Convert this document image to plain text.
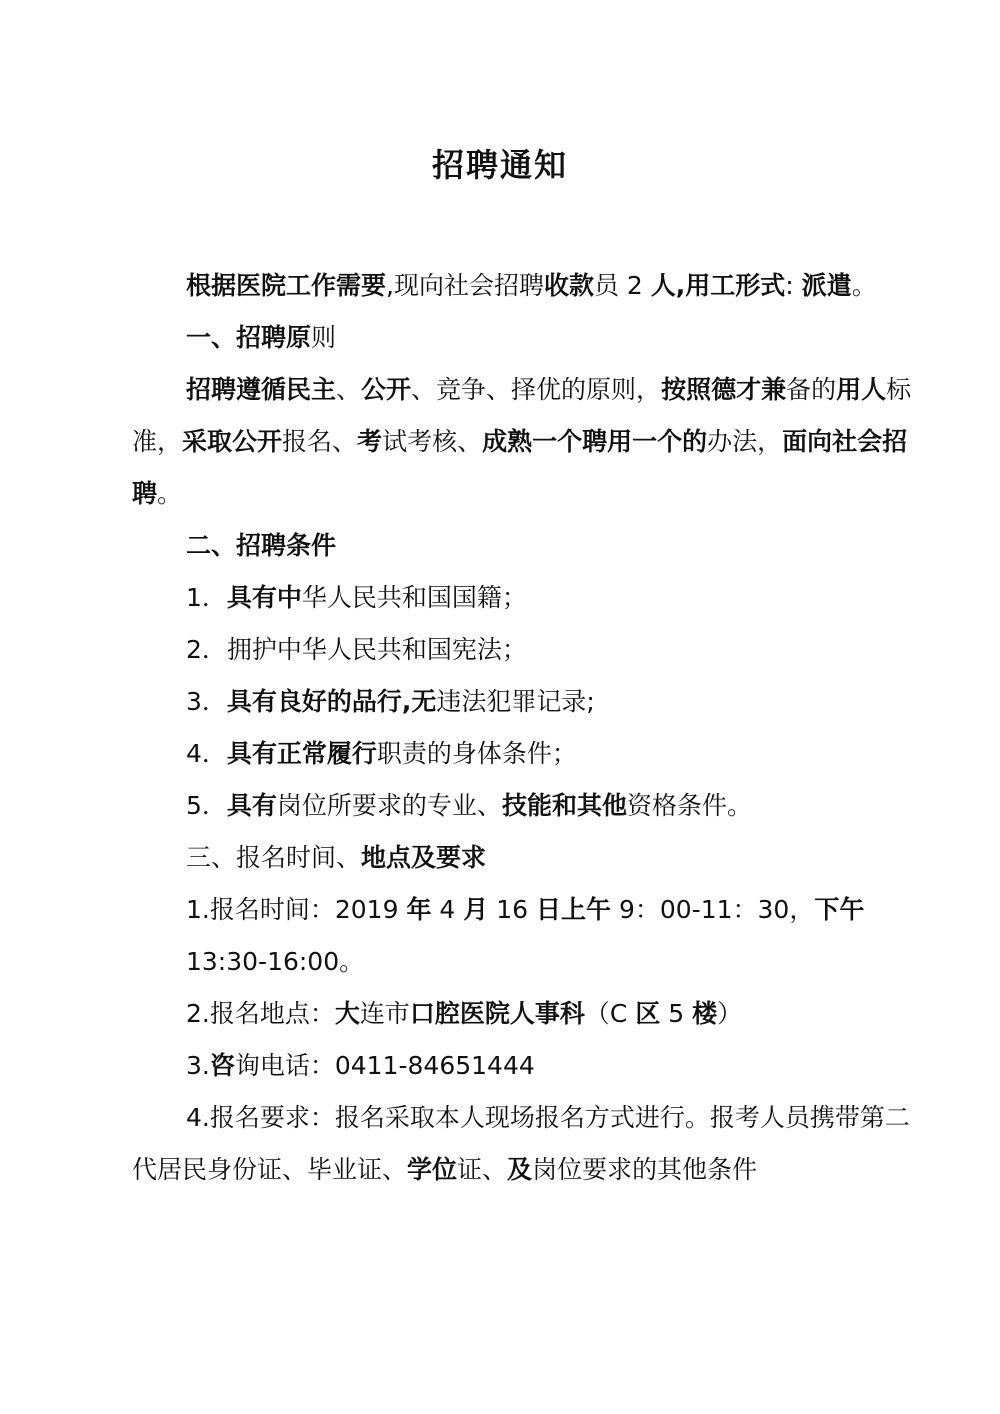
招聘通知

根据医院工作需要,现向社会招聘收款员 2 人,用工形式: 派遣。

一、招聘原则

招聘遵循民主、公开、竞争、择优的原则，按照德才兼备的用人标准，采取公开报名、考试考核、成熟一个聘用一个的办法，面向社会招聘。

二、招聘条件

1．具有中华人民共和国国籍；

2．拥护中华人民共和国宪法；

3．具有良好的品行,无违法犯罪记录;

4．具有正常履行职责的身体条件；

5．具有岗位所要求的专业、技能和其他资格条件。

三、报名时间、地点及要求

1.报名时间：2019 年 4 月 16 日上午 9：00-11：30，下午

13:30-16:00。

2.报名地点：大连市口腔医院人事科（C 区 5 楼）

3.咨询电话：0411-84651444

4.报名要求：报名采取本人现场报名方式进行。报考人员携带第二代居民身份证、毕业证、学位证、及岗位要求的其他条件
